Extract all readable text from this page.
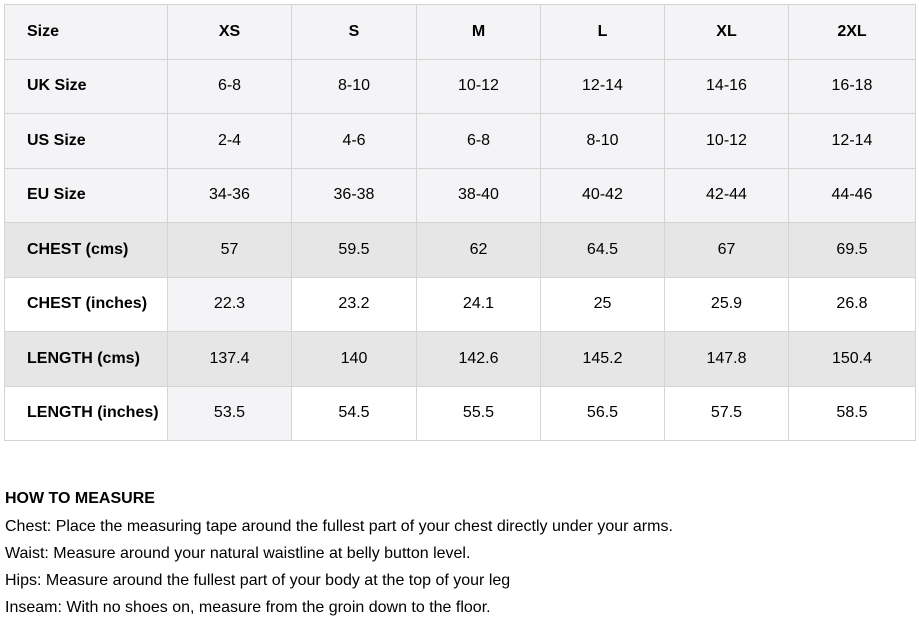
Size	XS	S	M	L	XL	2XL
UK Size	6-8	8-10	10-12	12-14	14-16	16-18
US Size	2-4	4-6	6-8	8-10	10-12	12-14
EU Size	34-36	36-38	38-40	40-42	42-44	44-46
CHEST (cms)	57	59.5	62	64.5	67	69.5
CHEST (inches)	22.3	23.2	24.1	25	25.9	26.8
LENGTH (cms)	137.4	140	142.6	145.2	147.8	150.4
LENGTH (inches)	53.5	54.5	55.5	56.5	57.5	58.5
HOW TO MEASURE

Chest: Place the measuring tape around the fullest part of your chest directly under your arms.

Waist: Measure around your natural waistline at belly button level.

Hips: Measure around the fullest part of your body at the top of your leg

Inseam: With no shoes on, measure from the groin down to the floor.
